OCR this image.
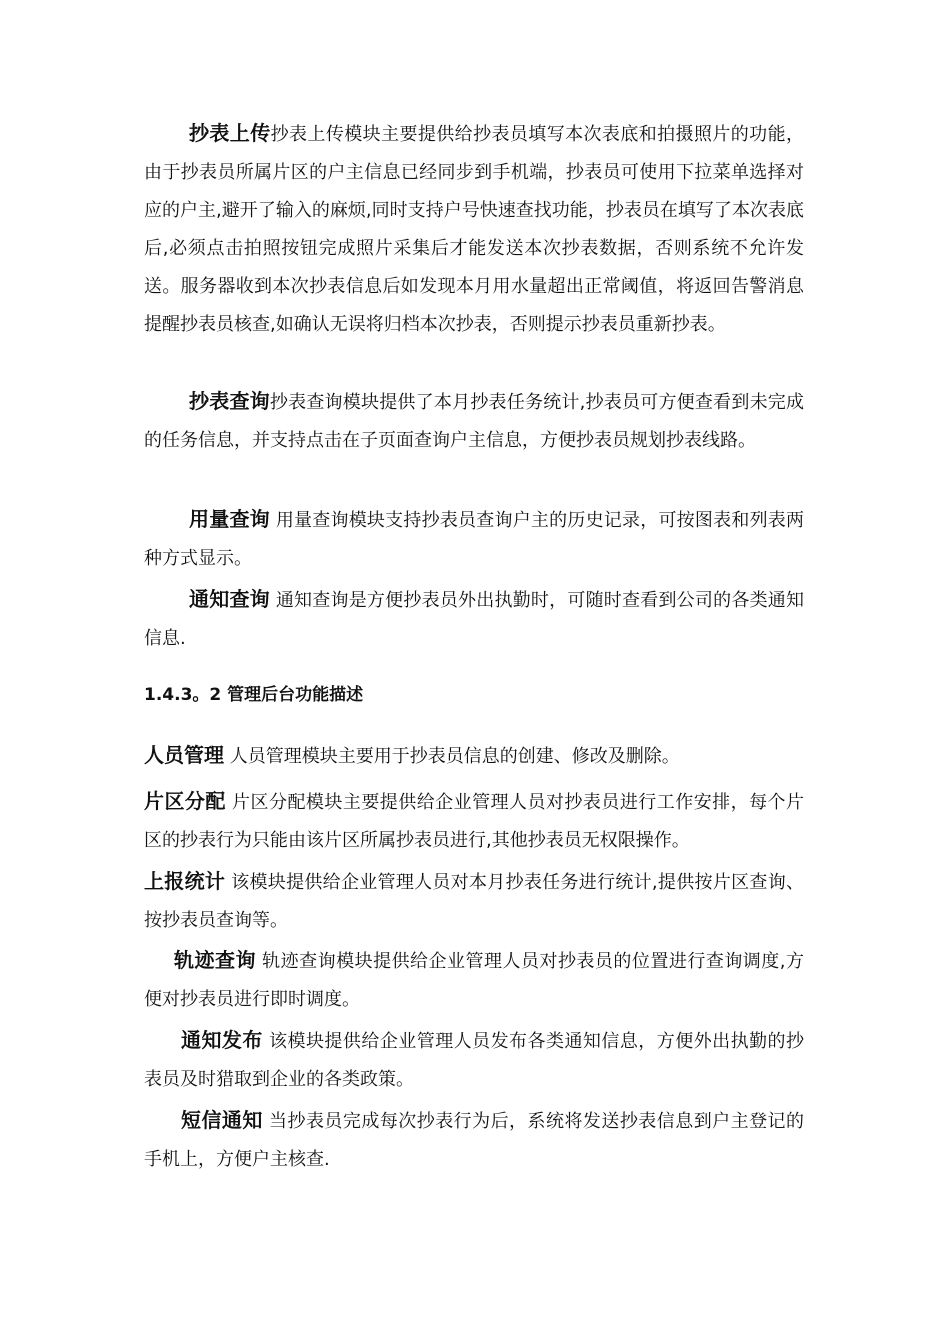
抄表上传抄表上传模块主要提供给抄表员填写本次表底和拍摄照片的功能，由于抄表员所属片区的户主信息已经同步到手机端，抄表员可使用下拉菜单选择对应的户主,避开了输入的麻烦,同时支持户号快速查找功能，抄表员在填写了本次表底后,必须点击拍照按钮完成照片采集后才能发送本次抄表数据，否则系统不允许发送。服务器收到本次抄表信息后如发现本月用水量超出正常阈值，将返回告警消息提醒抄表员核查,如确认无误将归档本次抄表，否则提示抄表员重新抄表。

抄表查询抄表查询模块提供了本月抄表任务统计,抄表员可方便查看到未完成的任务信息，并支持点击在子页面查询户主信息，方便抄表员规划抄表线路。

用量查询 用量查询模块支持抄表员查询户主的历史记录，可按图表和列表两种方式显示。

通知查询 通知查询是方便抄表员外出执勤时，可随时查看到公司的各类通知信息.

1.4.3。2 管理后台功能描述

人员管理 人员管理模块主要用于抄表员信息的创建、修改及删除。

片区分配 片区分配模块主要提供给企业管理人员对抄表员进行工作安排，每个片区的抄表行为只能由该片区所属抄表员进行,其他抄表员无权限操作。

上报统计 该模块提供给企业管理人员对本月抄表任务进行统计,提供按片区查询、按抄表员查询等。

轨迹查询 轨迹查询模块提供给企业管理人员对抄表员的位置进行查询调度,方便对抄表员进行即时调度。

通知发布 该模块提供给企业管理人员发布各类通知信息，方便外出执勤的抄表员及时猎取到企业的各类政策。

短信通知 当抄表员完成每次抄表行为后，系统将发送抄表信息到户主登记的手机上，方便户主核查.
